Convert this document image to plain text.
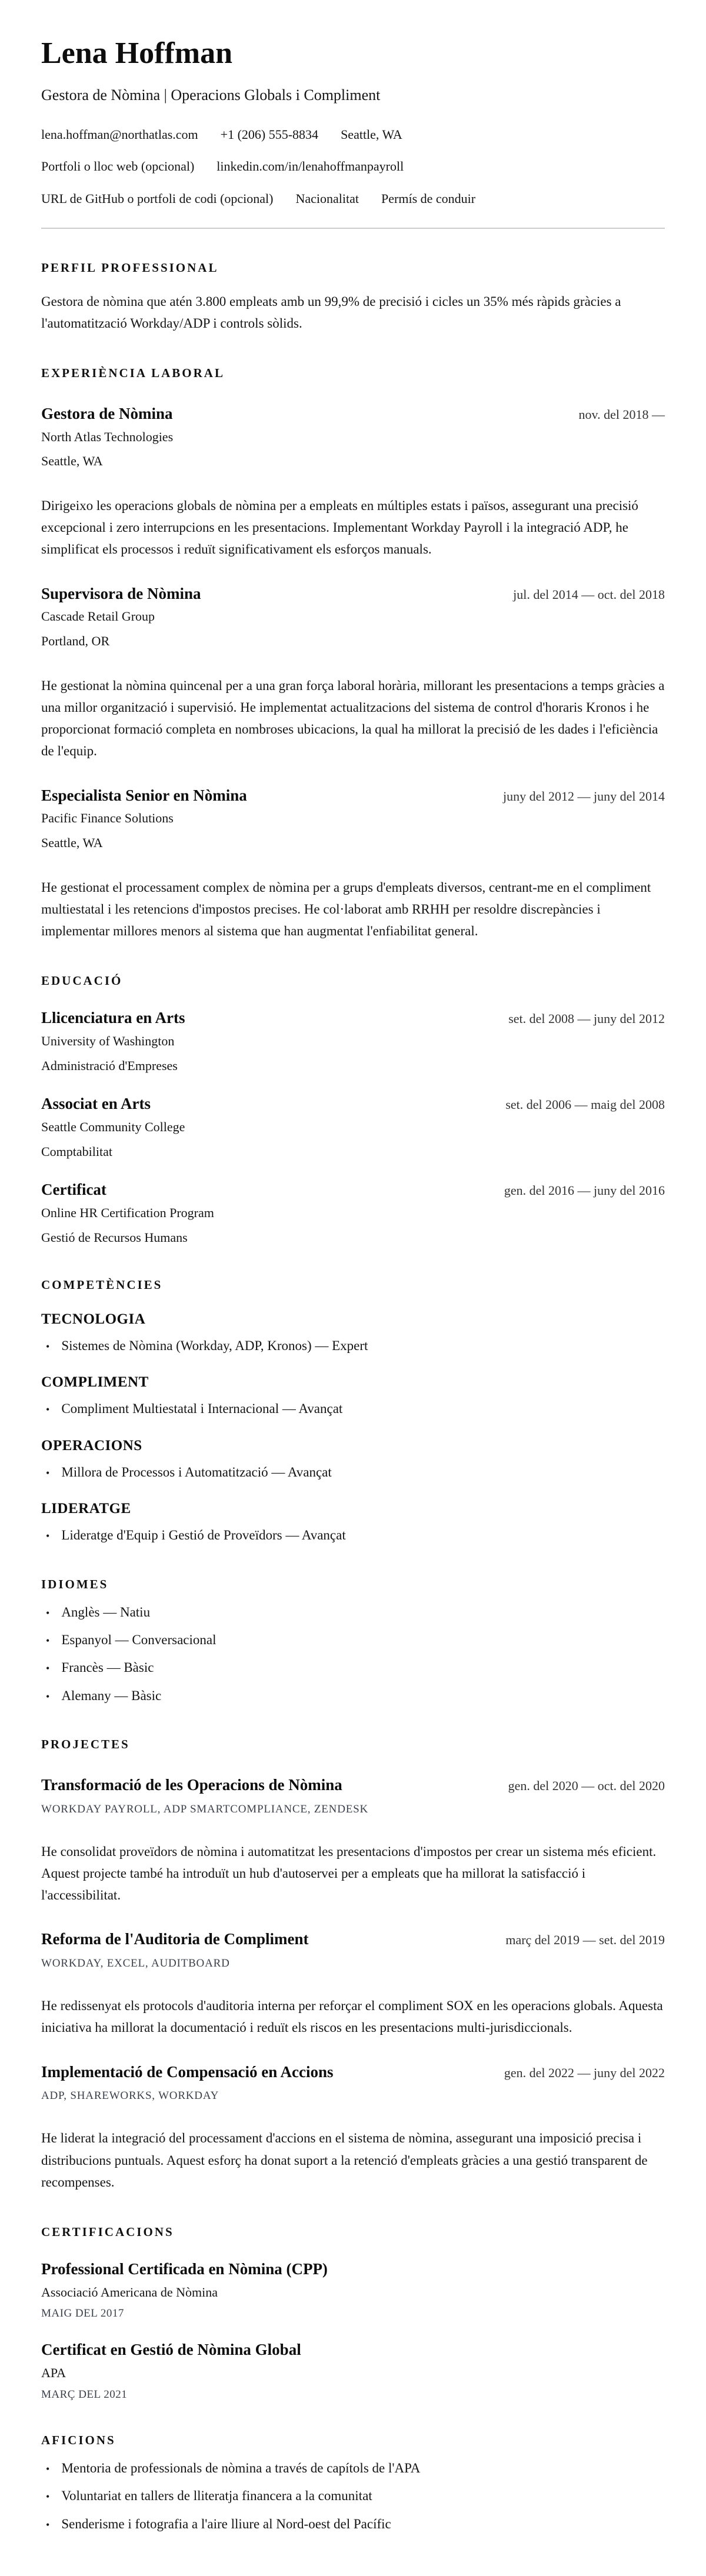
Lena Hoffman
Gestora de Nòmina | Operacions Globals i Compliment
lena.hoffman@northatlas.com +1 (206) 555-8834 Seattle, WA
Portfoli o lloc web (opcional) linkedin.com/in/lenahoffmanpayroll
URL de GitHub o portfoli de codi (opcional) Nacionalitat Permís de conduir
PERFIL PROFESSIONAL

Gestora de nòmina que atén 3.800 empleats amb un 99,9% de precisió i cicles un 35% més ràpids gràcies a l'automatització Workday/ADP i controls sòlids.

EXPERIÈNCIA LABORAL
Gestora de Nòmina	nov. del 2018 —
North Atlas Technologies
Seattle, WA

Dirigeixo les operacions globals de nòmina per a empleats en múltiples estats i països, assegurant una precisió excepcional i zero interrupcions en les presentacions. Implementant Workday Payroll i la integració ADP, he simplificat els processos i reduït significativament els esforços manuals.

Supervisora de Nòmina	jul. del 2014 — oct. del 2018
Cascade Retail Group
Portland, OR

He gestionat la nòmina quincenal per a una gran força laboral horària, millorant les presentacions a temps gràcies a una millor organització i supervisió. He implementat actualitzacions del sistema de control d'horaris Kronos i he proporcionat formació completa en nombroses ubicacions, la qual ha millorat la precisió de les dades i l'eficiència de l'equip.

Especialista Senior en Nòmina	juny del 2012 — juny del 2014
Pacific Finance Solutions
Seattle, WA

He gestionat el processament complex de nòmina per a grups d'empleats diversos, centrant-me en el compliment multiestatal i les retencions d'impostos precises. He col·laborat amb RRHH per resoldre discrepàncies i implementar millores menors al sistema que han augmentat l'enfiabilitat general.

EDUCACIÓ
Llicenciatura en Arts	set. del 2008 — juny del 2012
University of Washington
Administració d'Empreses
Associat en Arts	set. del 2006 — maig del 2008
Seattle Community College
Comptabilitat
Certificat	gen. del 2016 — juny del 2016
Online HR Certification Program
Gestió de Recursos Humans
COMPETÈNCIES
TECNOLOGIA
• Sistemes de Nòmina (Workday, ADP, Kronos) — Expert
COMPLIMENT
• Compliment Multiestatal i Internacional — Avançat
OPERACIONS
• Millora de Processos i Automatització — Avançat
LIDERATGE
• Lideratge d'Equip i Gestió de Proveïdors — Avançat
IDIOMES
• Anglès — Natiu
• Espanyol — Conversacional
• Francès — Bàsic
• Alemany — Bàsic
PROJECTES
Transformació de les Operacions de Nòmina	gen. del 2020 — oct. del 2020
WORKDAY PAYROLL, ADP SMARTCOMPLIANCE, ZENDESK

He consolidat proveïdors de nòmina i automatitzat les presentacions d'impostos per crear un sistema més eficient. Aquest projecte també ha introduït un hub d'autoservei per a empleats que ha millorat la satisfacció i l'accessibilitat.

Reforma de l'Auditoria de Compliment	març del 2019 — set. del 2019
WORKDAY, EXCEL, AUDITBOARD

He redissenyat els protocols d'auditoria interna per reforçar el compliment SOX en les operacions globals. Aquesta iniciativa ha millorat la documentació i reduït els riscos en les presentacions multi-jurisdiccionals.

Implementació de Compensació en Accions	gen. del 2022 — juny del 2022
ADP, SHAREWORKS, WORKDAY

He liderat la integració del processament d'accions en el sistema de nòmina, assegurant una imposició precisa i distribucions puntuals. Aquest esforç ha donat suport a la retenció d'empleats gràcies a una gestió transparent de recompenses.

CERTIFICACIONS
Professional Certificada en Nòmina (CPP)
Associació Americana de Nòmina
MAIG DEL 2017
Certificat en Gestió de Nòmina Global
APA
MARÇ DEL 2021
AFICIONS
• Mentoria de professionals de nòmina a través de capítols de l'APA
• Voluntariat en tallers de lliteratja financera a la comunitat
• Senderisme i fotografia a l'aire lliure al Nord-oest del Pacífic
